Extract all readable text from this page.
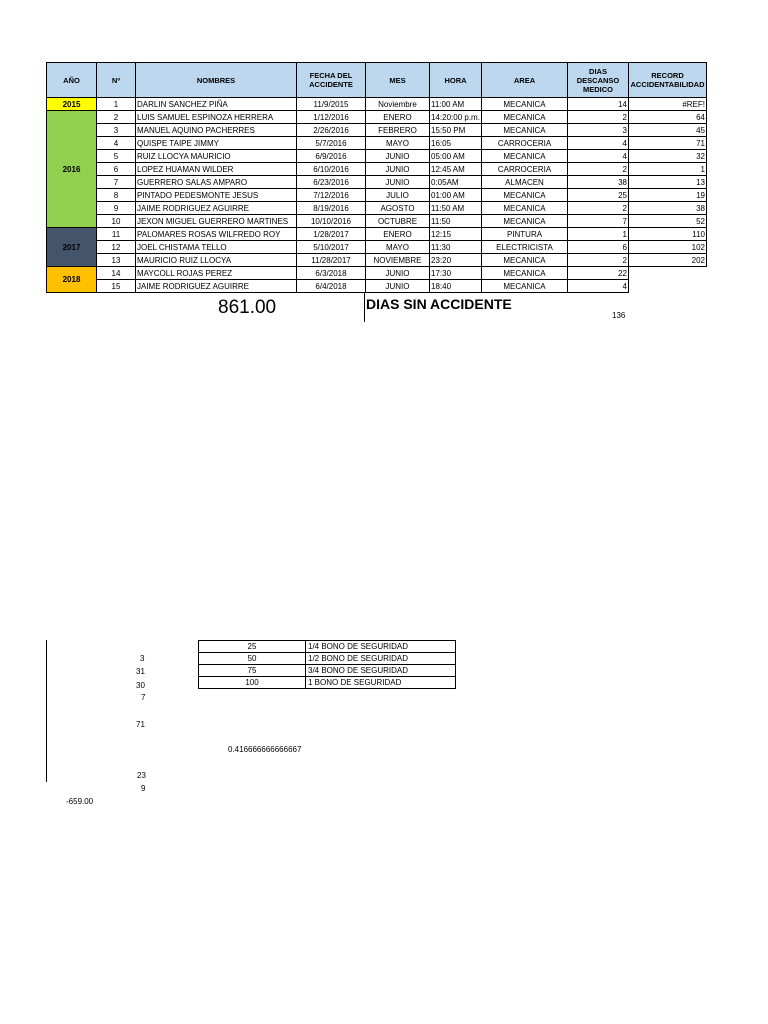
AÑO	Nº	NOMBRES	FECHA DEL ACCIDENTE	MES	HORA	AREA	DIAS DESCANSO MEDICO	RECORD ACCIDENTABILIDAD
2015	1	DARLIN SANCHEZ PIÑA	11/9/2015	Noviembre	11:00 AM	MECANICA	14	#REF!
2016	2	LUIS SAMUEL ESPINOZA HERRERA	1/12/2016	ENERO	14:20:00 p.m.	MECANICA	2	64
	3	MANUEL AQUINO PACHERRES	2/26/2016	FEBRERO	15:50 PM	MECANICA	3	45
	4	QUISPE TAIPE JIMMY	5/7/2016	MAYO	16:05	CARROCERIA	4	71
	5	RUIZ LLOCYA MAURICIO	6/9/2016	JUNIO	05:00 AM	MECANICA	4	32
	6	LOPEZ HUAMAN WILDER	6/10/2016	JUNIO	12:45 AM	CARROCERIA	2	1
	7	GUERRERO SALAS AMPARO	6/23/2016	JUNIO	0:05AM	ALMACEN	38	13
	8	PINTADO PEDESMONTE JESUS	7/12/2016	JULIO	01:00 AM	MECANICA	25	19
	9	JAIME RODRIGUEZ AGUIRRE	8/19/2016	AGOSTO	11:50 AM	MECANICA	2	38
	10	JEXON MIGUEL GUERRERO MARTINES	10/10/2016	OCTUBRE	11:50	MECANICA	7	52
2017	11	PALOMARES ROSAS WILFREDO ROY	1/28/2017	ENERO	12:15	PINTURA	1	110
	12	JOEL CHISTAMA TELLO	5/10/2017	MAYO	11:30	ELECTRICISTA	6	102
	13	MAURICIO RUIZ LLOCYA	11/28/2017	NOVIEMBRE	23:20	MECANICA	2	202
2018	14	MAYCOLL ROJAS PEREZ	6/3/2018	JUNIO	17:30	MECANICA	22	
	15	JAIME RODRIGUEZ AGUIRRE	6/4/2018	JUNIO	18:40	MECANICA	4	
861.00	DIAS SIN ACCIDENTE
136
25	1/4 BONO DE SEGURIDAD
50	1/2 BONO DE SEGURIDAD
75	3/4 BONO DE SEGURIDAD
100	1 BONO DE SEGURIDAD
3
31
30
7
71
0.416666666666667
23
9
-659.00
